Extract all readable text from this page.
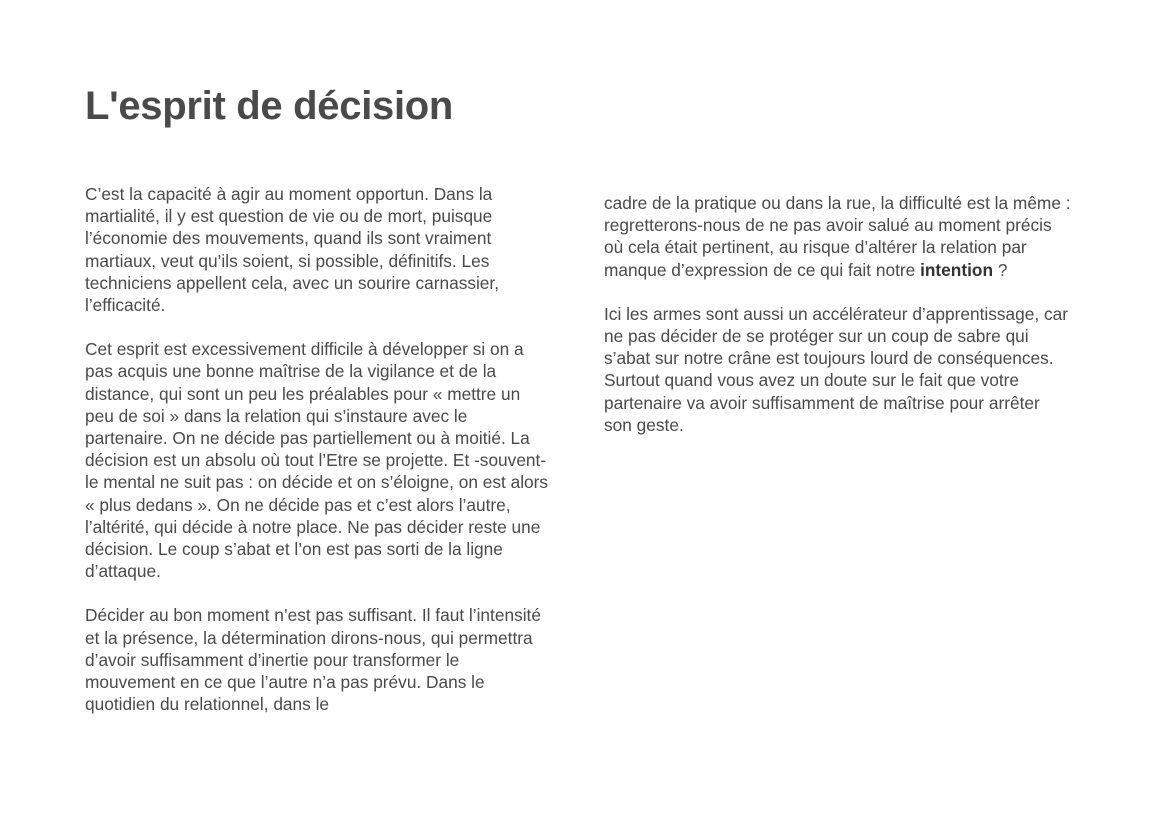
L'esprit de décision

C’est la capacité à agir au moment opportun. Dans la martialité, il y est question de vie ou de mort, puisque l’économie des mouvements, quand ils sont vraiment martiaux, veut qu’ils soient, si possible, définitifs. Les techniciens appellent cela, avec un sourire carnassier, l’efficacité.

Cet esprit est excessivement difficile à développer si on a pas acquis une bonne maîtrise de la vigilance et de la distance, qui sont un peu les préalables pour « mettre un peu de soi » dans la relation qui s’instaure avec le partenaire. On ne décide pas partiellement ou à moitié. La décision est un absolu où tout l’Etre se projette. Et -souvent- le mental ne suit pas : on décide et on s’éloigne, on est alors « plus dedans ». On ne décide pas et c’est alors l’autre, l’altérité, qui décide à notre place. Ne pas décider reste une décision. Le coup s’abat et l’on est pas sorti de la ligne d’attaque.

Décider au bon moment n’est pas suffisant. Il faut l’intensité et la présence, la détermination dirons-nous, qui permettra d’avoir suffisamment d’inertie pour transformer le mouvement en ce que l’autre n’a pas prévu. Dans le quotidien du relationnel, dans le

cadre de la pratique ou dans la rue, la difficulté est la même : regretterons-nous de ne pas avoir salué au moment précis où cela était pertinent, au risque d’altérer la relation par manque d’expression de ce qui fait notre intention ?

Ici les armes sont aussi un accélérateur d’apprentissage, car ne pas décider de se protéger sur un coup de sabre qui s’abat sur notre crâne est toujours lourd de conséquences. Surtout quand vous avez un doute sur le fait que votre partenaire va avoir suffisamment de maîtrise pour arrêter son geste.
